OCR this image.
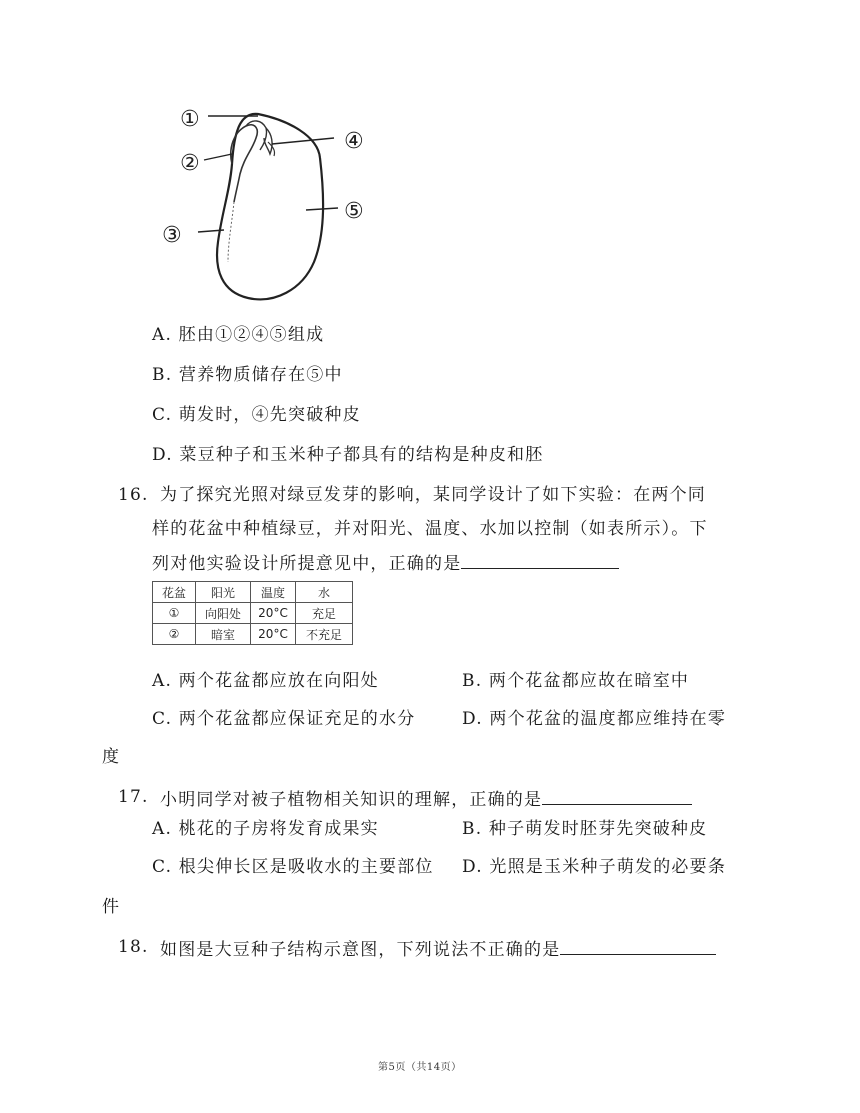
①
②
③
④
⑤
A. 胚由①②④⑤组成
B. 营养物质储存在⑤中
C. 萌发时，④先突破种皮
D. 菜豆种子和玉米种子都具有的结构是种皮和胚
16. 为了探究光照对绿豆发芽的影响，某同学设计了如下实验：在两个同
样的花盆中种植绿豆，并对阳光、温度、水加以控制（如表所示）。下
列对他实验设计所提意见中，正确的是
花盆	阳光	温度	水
①	向阳处	20°C	充足
②	暗室	20°C	不充足
A. 两个花盆都应放在向阳处	B. 两个花盆都应故在暗室中
C. 两个花盆都应保证充足的水分	D. 两个花盆的温度都应维持在零
度
17. 小明同学对被子植物相关知识的理解，正确的是
A. 桃花的子房将发育成果实	B. 种子萌发时胚芽先突破种皮
C. 根尖伸长区是吸收水的主要部位 D. 光照是玉米种子萌发的必要条
件
18. 如图是大豆种子结构示意图，下列说法不正确的是
第5页（共14页）
